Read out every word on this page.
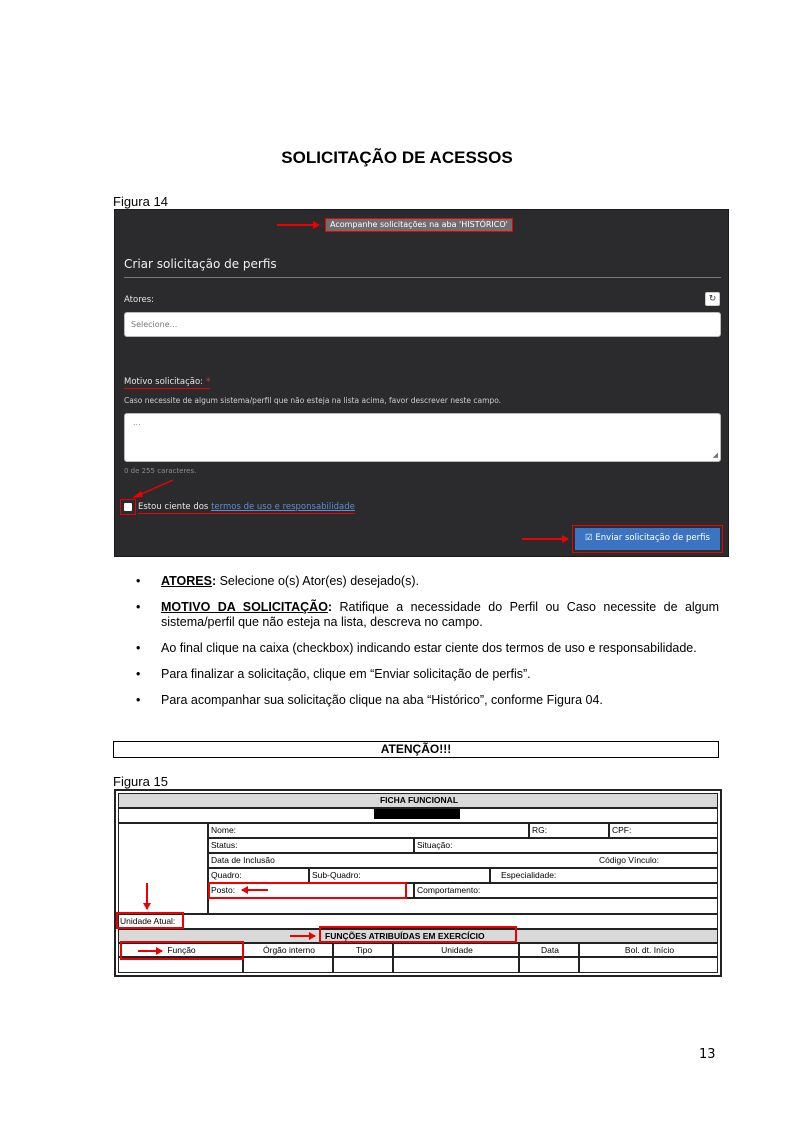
SOLICITAÇÃO DE ACESSOS
Figura 14
Acompanhe solicitações na aba 'HISTÓRICO'
Criar solicitação de perfis
Atores:	↻
Selecione...
Motivo solicitação: *
Caso necessite de algum sistema/perfil que não esteja na lista acima, favor descrever neste campo.
...
◢
0 de 255 caracteres.
Estou ciente dos termos de uso e responsabilidade
☑ Enviar solicitação de perfis
• ATORES: Selecione o(s) Ator(es) desejado(s).
• MOTIVO DA SOLICITAÇÃO: Ratifique a necessidade do Perfil ou Caso necessite de algum sistema/perfil que não esteja na lista, descreva no campo.
• Ao final clique na caixa (checkbox) indicando estar ciente dos termos de uso e responsabilidade.
• Para finalizar a solicitação, clique em “Enviar solicitação de perfis”.
• Para acompanhar sua solicitação clique na aba “Histórico”, conforme Figura 04.
ATENÇÃO!!!
Figura 15
FICHA FUNCIONAL
Nome:	RG:	CPF:
Status:	Situação:
Data de Inclusão	Código Vínculo:
Quadro:	Sub-Quadro:	Especialidade:
Posto:	Comportamento:
Unidade Atual:
FUNÇÕES ATRIBUÍDAS EM EXERCÍCIO
Função	Órgão interno	Tipo	Unidade	Data	Bol. dt. Início
13
